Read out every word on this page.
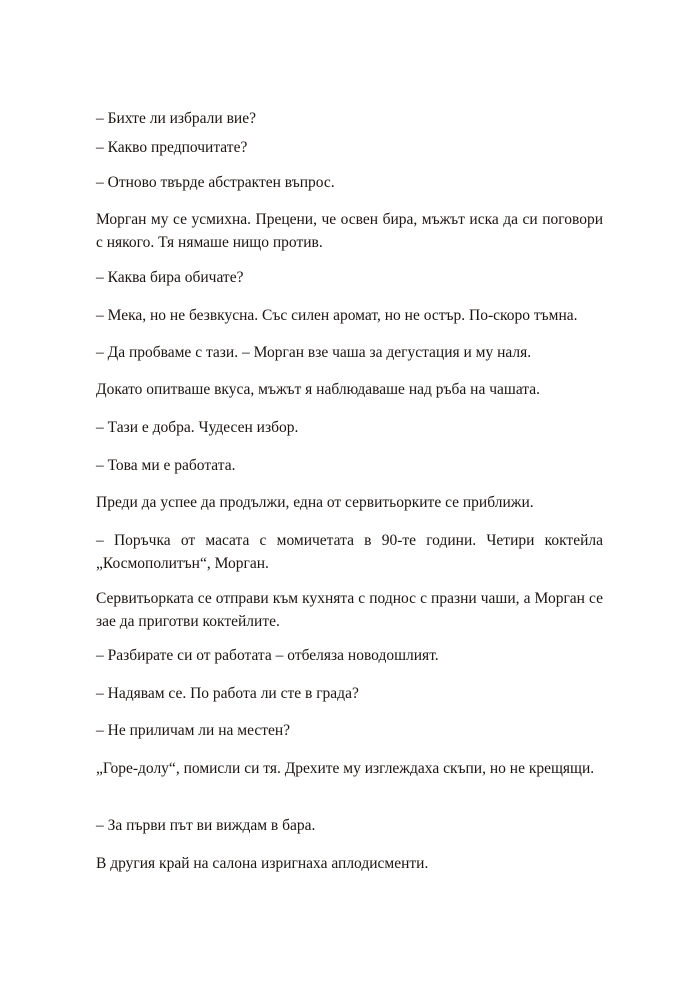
– Бихте ли избрали вие?

– Какво предпочитате?

– Отново твърде абстрактен въпрос.

Морган му се усмихна. Прецени, че освен бира, мъжът иска да си поговори с някого. Тя нямаше нищо против.

– Каква бира обичате?

– Мека, но не безвкусна. Със силен аромат, но не остър. По-скоро тъмна.

– Да пробваме с тази. – Морган взе чаша за дегустация и му наля.

Докато опитваше вкуса, мъжът я наблюдаваше над ръба на чашата.

– Тази е добра. Чудесен избор.

– Това ми е работата.

Преди да успее да продължи, една от сервитьорките се приближи.

– Поръчка от масата с момичетата в 90-те години. Четири коктейла „Космополитън“, Морган.

Сервитьорката се отправи към кухнята с поднос с празни чаши, а Морган се зае да приготви коктейлите.

– Разбирате си от работата – отбеляза новодошлият.

– Надявам се. По работа ли сте в града?

– Не приличам ли на местен?

„Горе-долу“, помисли си тя. Дрехите му изглеждаха скъпи, но не крещящи.

– За първи път ви виждам в бара.

В другия край на салона изригнаха аплодисменти.
